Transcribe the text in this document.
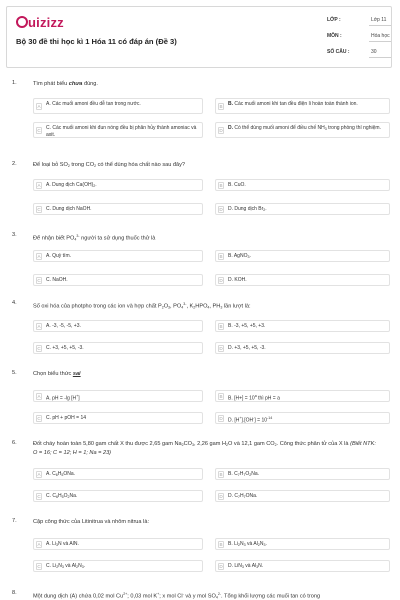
uizizz
Bộ 30 đề thi học kì 1 Hóa 11 có đáp án (Đề 3)
LỚP :	Lớp 11
MÔN :	Hóa học
SỐ CÂU :	30
1.	Tìm phát biểu chưa đúng.
A A. Các muối amoni đều dễ tan trong nước.	B B. Các muối amoni khi tan đều điện li hoàn toàn thành ion.
C C. Các muối amoni khi đun nóng đều bị phân hủy thành amoniac và axit.
D D. Có thể dùng muối amoni để điều chế $NH_3$ trong phòng thí nghiệm.
2.	Để loại bỏ $SO_2$ trong $CO_2$ có thể dùng hóa chất nào sau đây?
A A. Dung dịch $Ca(OH)_2$.	B B. CuO.
C C. Dung dịch NaOH.	D D. Dung dịch $Br_2$.
3.
Để nhận biết $PO_4^{3-}$ người ta sử dụng thuốc thử là
A A. Quỳ tím.	B B. AgNO$_3$.
C C. NaOH.	D D. KOH.
4.
Số oxi hóa của photpho trong các ion và hợp chất $P_2O_3$, $PO_4^{3-}$, $K_2HPO_4$, $PH_3$ lần lượt là:
A A. -3, -5, -5, +3.	B B. -3, +5, +5, +3.
C C. +3, +5, +5, -3.	D D. +3, +5, +5, -3.
5.	Chọn biểu thức sai
A A. pH = -lg [H+]	B B. $[H+] = 10^a$ thì pH = a
C C. pH + pOH = 14	D D. $[H^+].[OH^-] = 10^{-14}$
6.	Đốt cháy hoàn toàn 5,80 gam chất X thu được 2,65 gam $Na_2CO_3$, 2,26 gam $H_2O$ và 12,1 gam $CO_2$. Công thức phân tử của X là (Biết NTK: O = 16; C = 12; H = 1; Na = 23)
A A. $C_6H_5ONa$.	B B. $C_7H_7O_2Na$.
C C. $C_6H_5O_2Na$.	D D. $C_7H_7ONa$.
7.	Cặp công thức của Litinitrua và nhôm nitrua là:
A A. $Li_3N$ và AlN.	B B. $Li_2N_3$ và $Al_2N_3$.
C C. $Li_2N_3$ và $Al_2N_3$.	D D. LiN$_3$ và $Al_3N$.
8.
Một dung dịch (A) chứa 0,02 mol $Cu^{2+}$; 0,03 mol K+; x mol Cl- và y mol $SO_4^{2-}$. Tổng khối lượng các muối tan có trong
